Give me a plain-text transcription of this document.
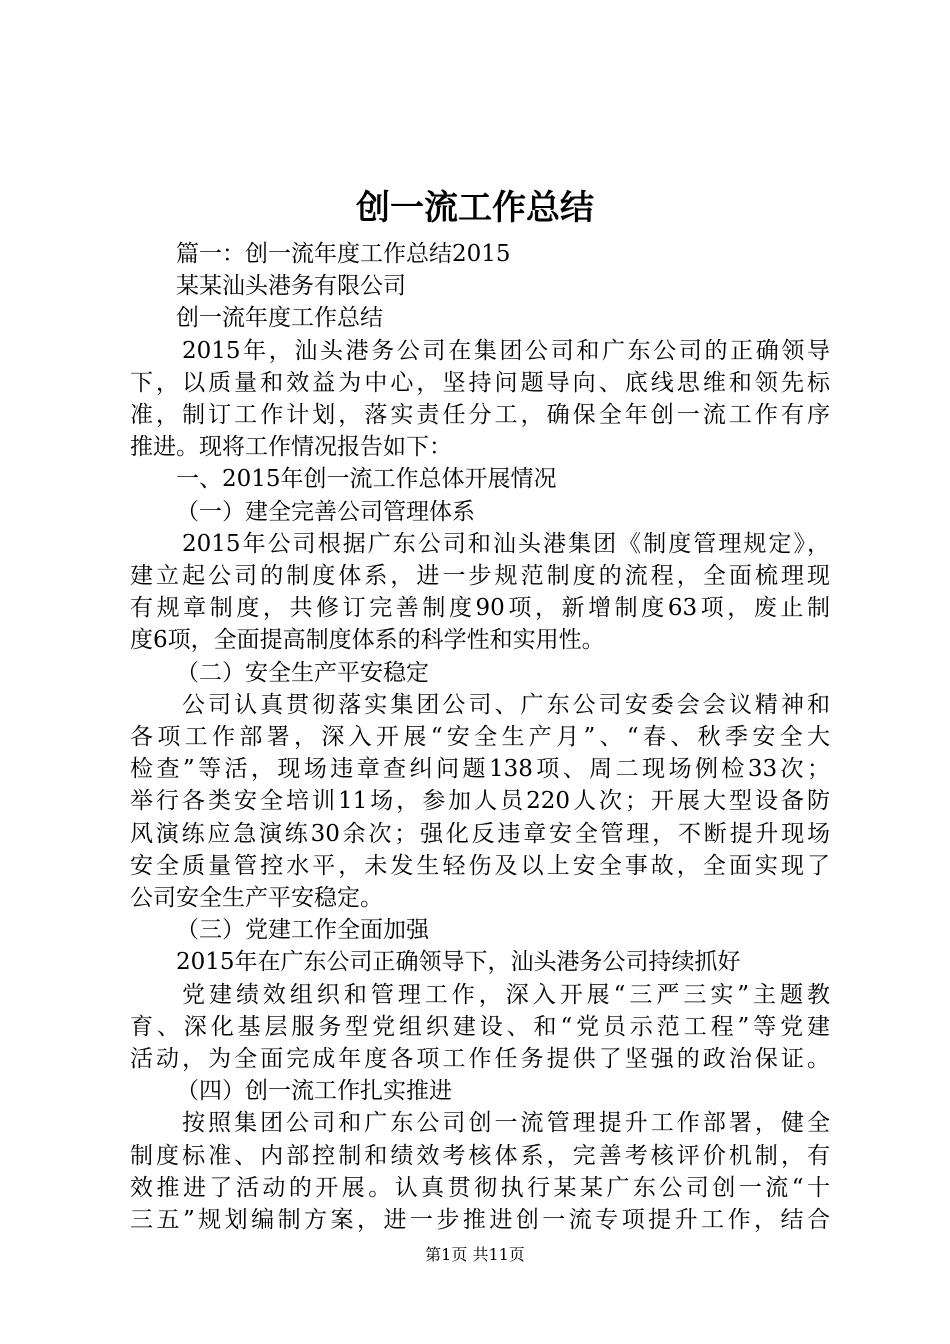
创一流工作总结

篇一：创一流年度工作总结2015

某某汕头港务有限公司

创一流年度工作总结

2015年，汕头港务公司在集团公司和广东公司的正确领导

下，以质量和效益为中心，坚持问题导向、底线思维和领先标

准，制订工作计划，落实责任分工，确保全年创一流工作有序

推进。现将工作情况报告如下：

一、2015年创一流工作总体开展情况

（一）建全完善公司管理体系

2015年公司根据广东公司和汕头港集团《制度管理规定》，

建立起公司的制度体系，进一步规范制度的流程，全面梳理现

有规章制度，共修订完善制度90项，新增制度63项，废止制

度6项，全面提高制度体系的科学性和实用性。

（二）安全生产平安稳定

公司认真贯彻落实集团公司、广东公司安委会会议精神和

各项工作部署，深入开展“安全生产月”、“春、秋季安全大

检查”等活，现场违章查纠问题138项、周二现场例检33次；

举行各类安全培训11场，参加人员220人次；开展大型设备防

风演练应急演练30余次；强化反违章安全管理，不断提升现场

安全质量管控水平，未发生轻伤及以上安全事故，全面实现了

公司安全生产平安稳定。

（三）党建工作全面加强

2015年在广东公司正确领导下，汕头港务公司持续抓好

党建绩效组织和管理工作，深入开展“三严三实”主题教

育、深化基层服务型党组织建设、和“党员示范工程”等党建

活动，为全面完成年度各项工作任务提供了坚强的政治保证。

（四）创一流工作扎实推进

按照集团公司和广东公司创一流管理提升工作部署，健全

制度标准、内部控制和绩效考核体系，完善考核评价机制，有

效推进了活动的开展。认真贯彻执行某某广东公司创一流“十

三五”规划编制方案，进一步推进创一流专项提升工作，结合

第1页 共11页
